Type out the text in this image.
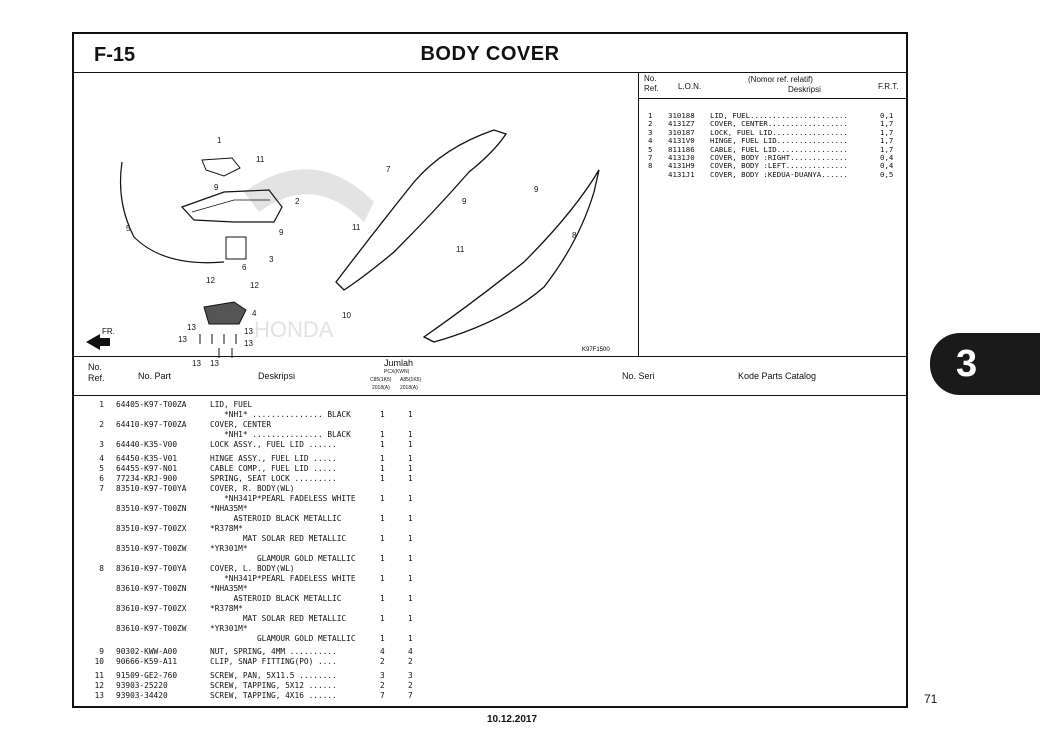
F-15	BODY COVER
HONDA
FR.
1
2
3
5
6
9
9
11
12
12
13
13
13
13
13 13
4
7
9
11
10
11
9
8
K97F1500
No. Ref.	L.O.N.
(Nomor ref. relatif)
Deskripsi	F.R.T.
1 310188 LID, FUEL......................	0,1
2 4131Z7 COVER, CENTER..................	1,7
3 310187 LOCK, FUEL LID.................	1,7
4 4131V0 HINGE, FUEL LID................	1,7
5 811186 CABLE, FUEL LID................	1,7
7 4131J0 COVER, BODY :RIGHT.............	0,4
8 4131H9 COVER, BODY :LEFT..............	0,4
4131J1 COVER, BODY :KEDUA-DUANYA......	0,5
No. Ref.	No. Part	Deskripsi
Jumlah
PCX(KWN)
C85(1K5) A85(1K5)
2018(A) 2018(A)
No. Seri	Kode Parts Catalog
1 64405-K97-T00ZA	LID, FUEL
*NH1* ............... BLACK	1	1
2 64410-K97-T00ZA	COVER, CENTER
*NH1* ............... BLACK	1	1
3 64440-K35-V00	LOCK ASSY., FUEL LID ......	1	1
4 64450-K35-V01	HINGE ASSY., FUEL LID .....	1	1
5 64455-K97-N01	CABLE COMP., FUEL LID .....	1	1
6 77234-KRJ-900	SPRING, SEAT LOCK .........	1	1
7 83510-K97-T00YA	COVER, R. BODY(WL)
*NH341P*PEARL FADELESS WHITE	1	1
83510-K97-T00ZN	*NHA35M*
ASTEROID BLACK METALLIC	1	1
83510-K97-T00ZX	*R378M*
MAT SOLAR RED METALLIC	1	1
83510-K97-T00ZW	*YR301M*
GLAMOUR GOLD METALLIC	1	1
8 83610-K97-T00YA	COVER, L. BODY(WL)
*NH341P*PEARL FADELESS WHITE	1	1
83610-K97-T00ZN	*NHA35M*
ASTEROID BLACK METALLIC	1	1
83610-K97-T00ZX	*R378M*
MAT SOLAR RED METALLIC	1	1
83610-K97-T00ZW	*YR301M*
GLAMOUR GOLD METALLIC	1	1
9 90302-KWW-A00	NUT, SPRING, 4MM ..........	4	4
10 90666-K59-A11	CLIP, SNAP FITTING(PO) ....	2	2
11 91509-GE2-760	SCREW, PAN, 5X11.5 ........	3	3
12 93903-25220	SCREW, TAPPING, 5X12 ......	2	2
13 93903-34420	SCREW, TAPPING, 4X16 ......	7	7
3
71
10.12.2017
